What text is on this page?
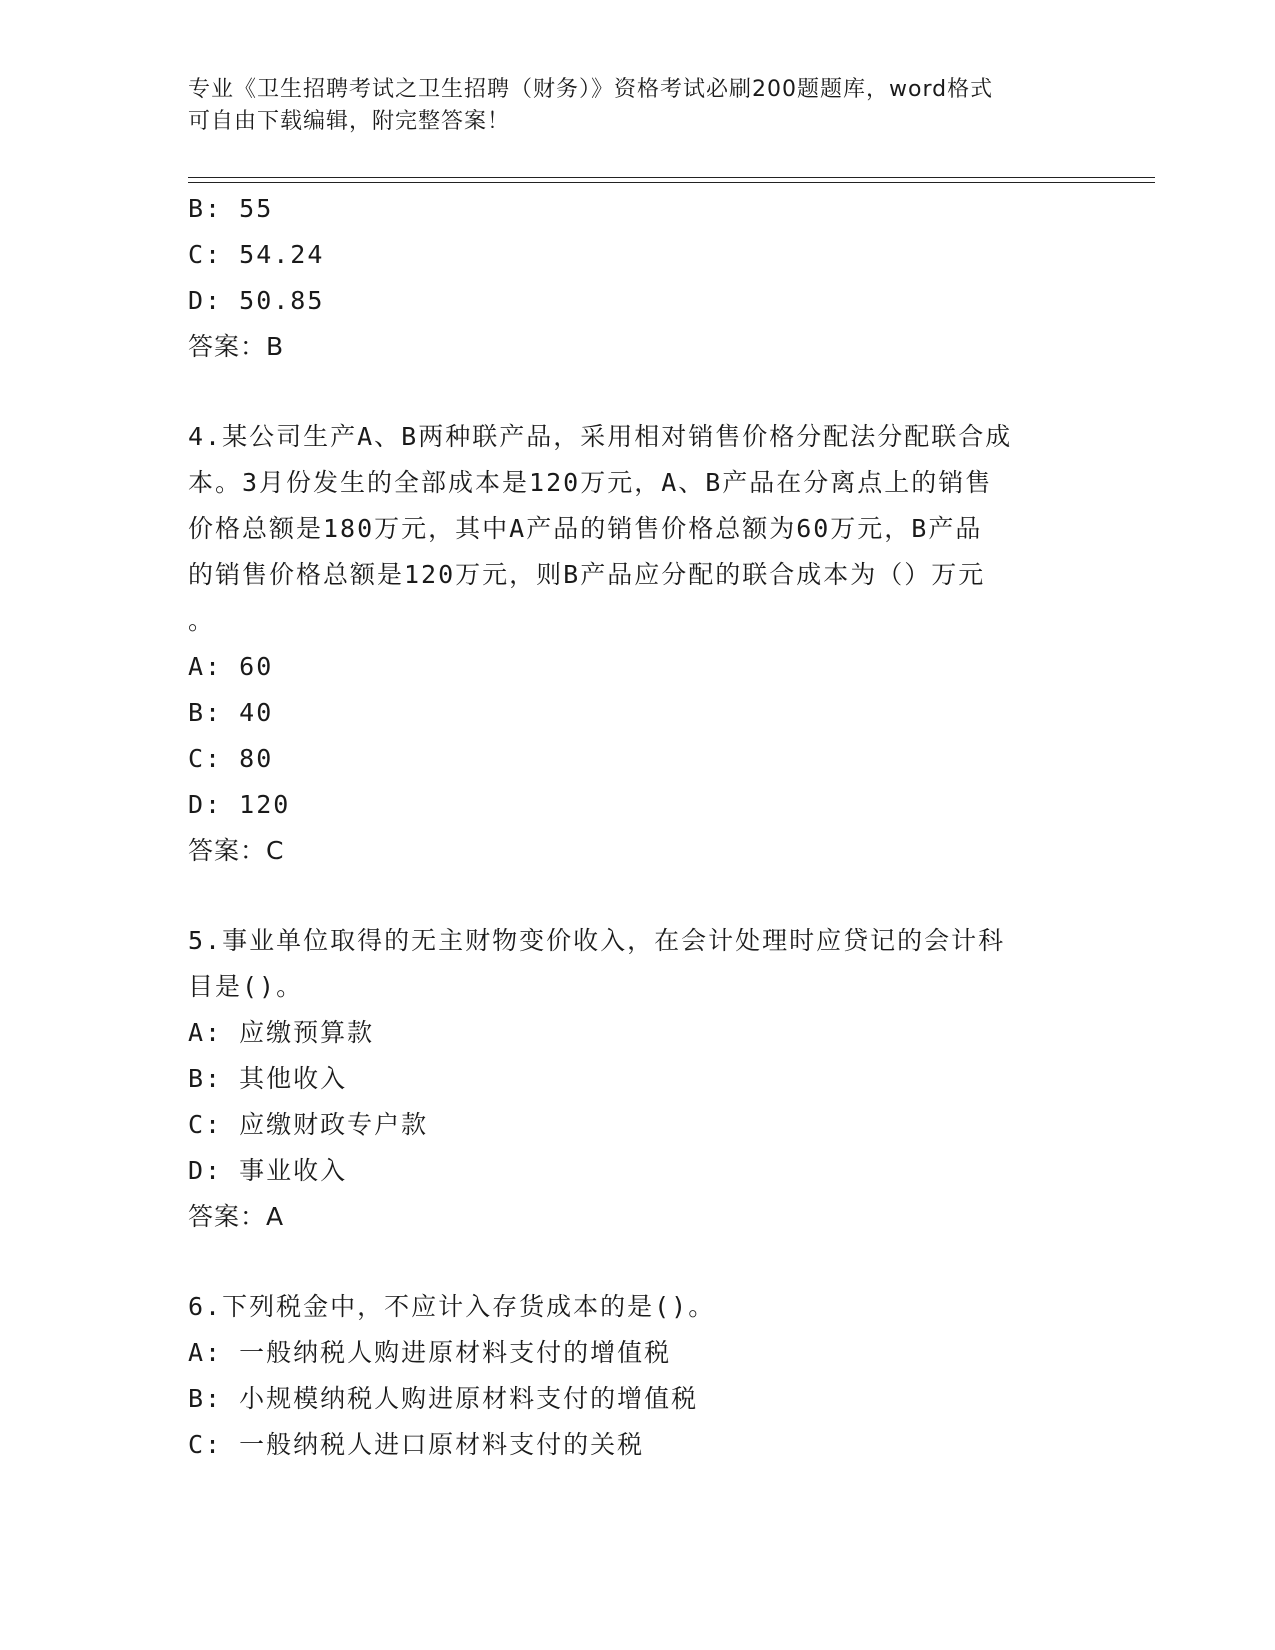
专业《卫生招聘考试之卫生招聘（财务）》资格考试必刷200题题库，word格式
可自由下载编辑，附完整答案！
B: 55
C: 54.24
D: 50.85
答案：B
4.某公司生产A、B两种联产品，采用相对销售价格分配法分配联合成
本。3月份发生的全部成本是120万元，A、B产品在分离点上的销售
价格总额是180万元，其中A产品的销售价格总额为60万元，B产品
的销售价格总额是120万元，则B产品应分配的联合成本为（）万元
。
A: 60
B: 40
C: 80
D: 120
答案：C
5.事业单位取得的无主财物变价收入，在会计处理时应贷记的会计科
目是()。
A: 应缴预算款
B: 其他收入
C: 应缴财政专户款
D: 事业收入
答案：A
6.下列税金中，不应计入存货成本的是()。
A: 一般纳税人购进原材料支付的增值税
B: 小规模纳税人购进原材料支付的增值税
C: 一般纳税人进口原材料支付的关税
